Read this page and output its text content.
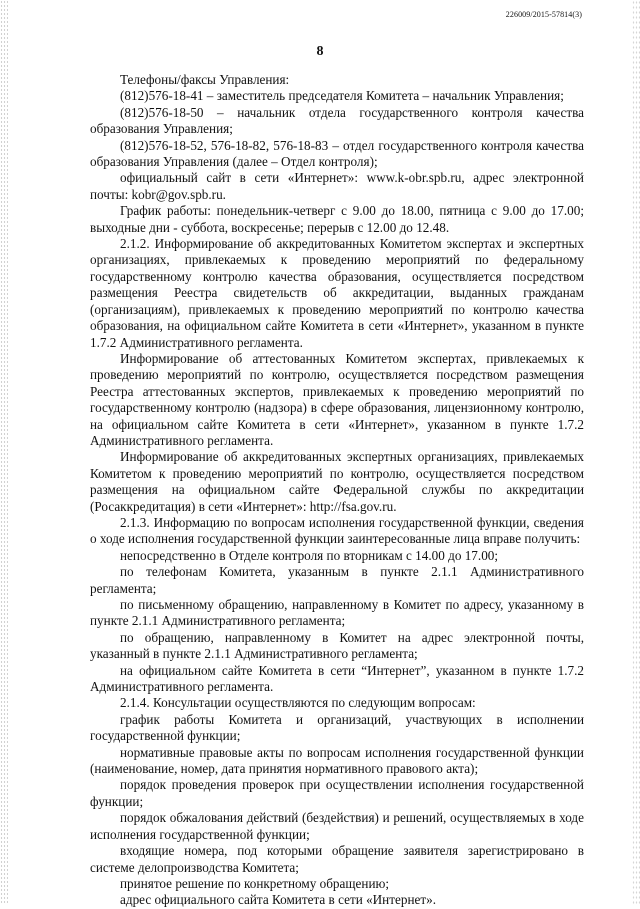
226009/2015-57814(3)
8

Телефоны/факсы Управления:

(812)576-18-41 – заместитель председателя Комитета – начальник Управления;

(812)576-18-50 – начальник отдела государственного контроля качества образования Управления;

(812)576-18-52, 576-18-82, 576-18-83 – отдел государственного контроля качества образования Управления (далее – Отдел контроля);

официальный сайт в сети «Интернет»: www.k-obr.spb.ru, адрес электронной почты: kobr@gov.spb.ru.

График работы: понедельник-четверг с 9.00 до 18.00, пятница с 9.00 до 17.00; выходные дни - суббота, воскресенье; перерыв с 12.00 до 12.48.

2.1.2. Информирование об аккредитованных Комитетом экспертах и экспертных организациях, привлекаемых к проведению мероприятий по федеральному государственному контролю качества образования, осуществляется посредством размещения Реестра свидетельств об аккредитации, выданных гражданам (организациям), привлекаемых к проведению мероприятий по контролю качества образования, на официальном сайте Комитета в сети «Интернет», указанном в пункте 1.7.2 Административного регламента.

Информирование об аттестованных Комитетом экспертах, привлекаемых к проведению мероприятий по контролю, осуществляется посредством размещения Реестра аттестованных экспертов, привлекаемых к проведению мероприятий по государственному контролю (надзора) в сфере образования, лицензионному контролю, на официальном сайте Комитета в сети «Интернет», указанном в пункте 1.7.2 Административного регламента.

Информирование об аккредитованных экспертных организациях, привлекаемых Комитетом к проведению мероприятий по контролю, осуществляется посредством размещения на официальном сайте Федеральной службы по аккредитации (Росаккредитация) в сети «Интернет»: http://fsa.gov.ru.

2.1.3. Информацию по вопросам исполнения государственной функции, сведения о ходе исполнения государственной функции заинтересованные лица вправе получить:

непосредственно в Отделе контроля по вторникам с 14.00 до 17.00;

по телефонам Комитета, указанным в пункте 2.1.1 Административного регламента;

по письменному обращению, направленному в Комитет по адресу, указанному в пункте 2.1.1 Административного регламента;

по обращению, направленному в Комитет на адрес электронной почты, указанный в пункте 2.1.1 Административного регламента;

на официальном сайте Комитета в сети “Интернет”, указанном в пункте 1.7.2 Административного регламента.

2.1.4. Консультации осуществляются по следующим вопросам:

график работы Комитета и организаций, участвующих в исполнении государственной функции;

нормативные правовые акты по вопросам исполнения государственной функции (наименование, номер, дата принятия нормативного правового акта);

порядок проведения проверок при осуществлении исполнения государственной функции;

порядок обжалования действий (бездействия) и решений, осуществляемых в ходе исполнения государственной функции;

входящие номера, под которыми обращение заявителя зарегистрировано в системе делопроизводства Комитета;

принятое решение по конкретному обращению;

адрес официального сайта Комитета в сети «Интернет».
